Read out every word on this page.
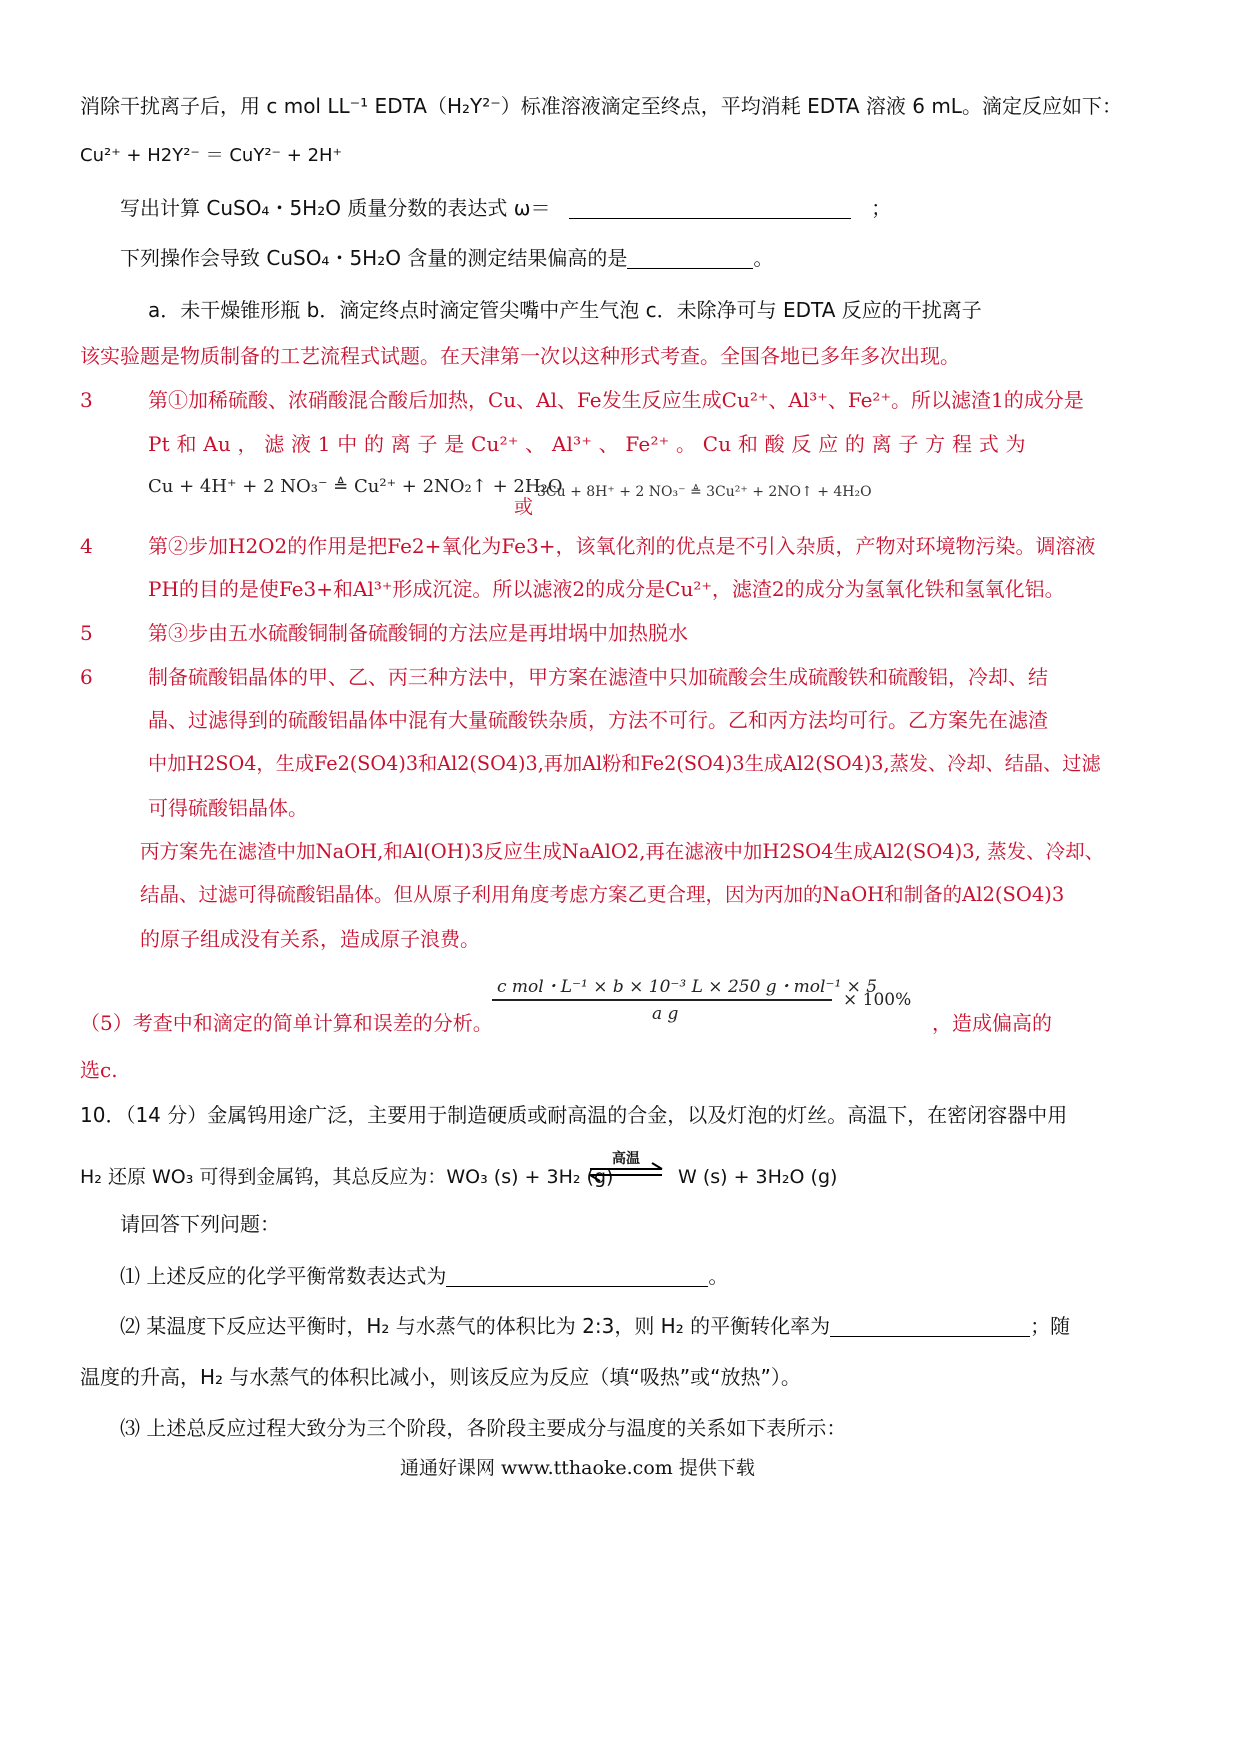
消除干扰离子后，用 c mol LL⁻¹ EDTA（H₂Y²⁻）标准溶液滴定至终点，平均消耗 EDTA 溶液 6 mL。滴定反应如下：
Cu²⁺ + H2Y²⁻ ＝ CuY²⁻ + 2H⁺
写出计算 CuSO₄・5H₂O 质量分数的表达式 ω＝	；
下列操作会导致 CuSO₄・5H₂O 含量的测定结果偏高的是	。
a．未干燥锥形瓶 b．滴定终点时滴定管尖嘴中产生气泡 c．未除净可与 EDTA 反应的干扰离子
该实验题是物质制备的工艺流程式试题。在天津第一次以这种形式考查。全国各地已多年多次出现。
3	第①加稀硫酸、浓硝酸混合酸后加热，Cu、Al、Fe发生反应生成Cu²⁺、Al³⁺、Fe²⁺。所以滤渣1的成分是
Pt 和 Au ， 滤 液 1 中 的 离 子 是 Cu²⁺ 、 Al³⁺ 、 Fe²⁺ 。 Cu 和 酸 反 应 的 离 子 方 程 式 为
Cu + 4H⁺ + 2 NO₃⁻ ≜ Cu²⁺ + 2NO₂↑ + 2H₂O
或
3Cu + 8H⁺ + 2 NO₃⁻ ≜ 3Cu²⁺ + 2NO↑ + 4H₂O
4	第②步加H2O2的作用是把Fe2+氧化为Fe3+，该氧化剂的优点是不引入杂质，产物对环境物污染。调溶液
PH的目的是使Fe3+和Al³⁺形成沉淀。所以滤液2的成分是Cu²⁺，滤渣2的成分为氢氧化铁和氢氧化铝。
5	第③步由五水硫酸铜制备硫酸铜的方法应是再坩埚中加热脱水
6	制备硫酸铝晶体的甲、乙、丙三种方法中，甲方案在滤渣中只加硫酸会生成硫酸铁和硫酸铝，冷却、结
晶、过滤得到的硫酸铝晶体中混有大量硫酸铁杂质，方法不可行。乙和丙方法均可行。乙方案先在滤渣
中加H2SO4，生成Fe2(SO4)3和Al2(SO4)3,再加Al粉和Fe2(SO4)3生成Al2(SO4)3,蒸发、冷却、结晶、过滤
可得硫酸铝晶体。
丙方案先在滤渣中加NaOH,和Al(OH)3反应生成NaAlO2,再在滤液中加H2SO4生成Al2(SO4)3, 蒸发、冷却、
结晶、过滤可得硫酸铝晶体。但从原子利用角度考虑方案乙更合理，因为丙加的NaOH和制备的Al2(SO4)3
的原子组成没有关系，造成原子浪费。
c mol・L⁻¹ × b × 10⁻³ L × 250 g・mol⁻¹ × 5
a g
× 100%
（5）考查中和滴定的简单计算和误差的分析。	，造成偏高的
选c.
10．（14 分）金属钨用途广泛，主要用于制造硬质或耐高温的合金，以及灯泡的灯丝。高温下，在密闭容器中用
H₂ 还原 WO₃ 可得到金属钨，其总反应为：WO₃ (s) + 3H₂ (g)
高温
W (s) + 3H₂O (g)
请回答下列问题：
⑴ 上述反应的化学平衡常数表达式为	。
⑵ 某温度下反应达平衡时，H₂ 与水蒸气的体积比为 2:3，则 H₂ 的平衡转化率为	；随
温度的升高，H₂ 与水蒸气的体积比减小，则该反应为反应（填“吸热”或“放热”）。
⑶ 上述总反应过程大致分为三个阶段，各阶段主要成分与温度的关系如下表所示：
通通好课网 www.tthaoke.com 提供下载
